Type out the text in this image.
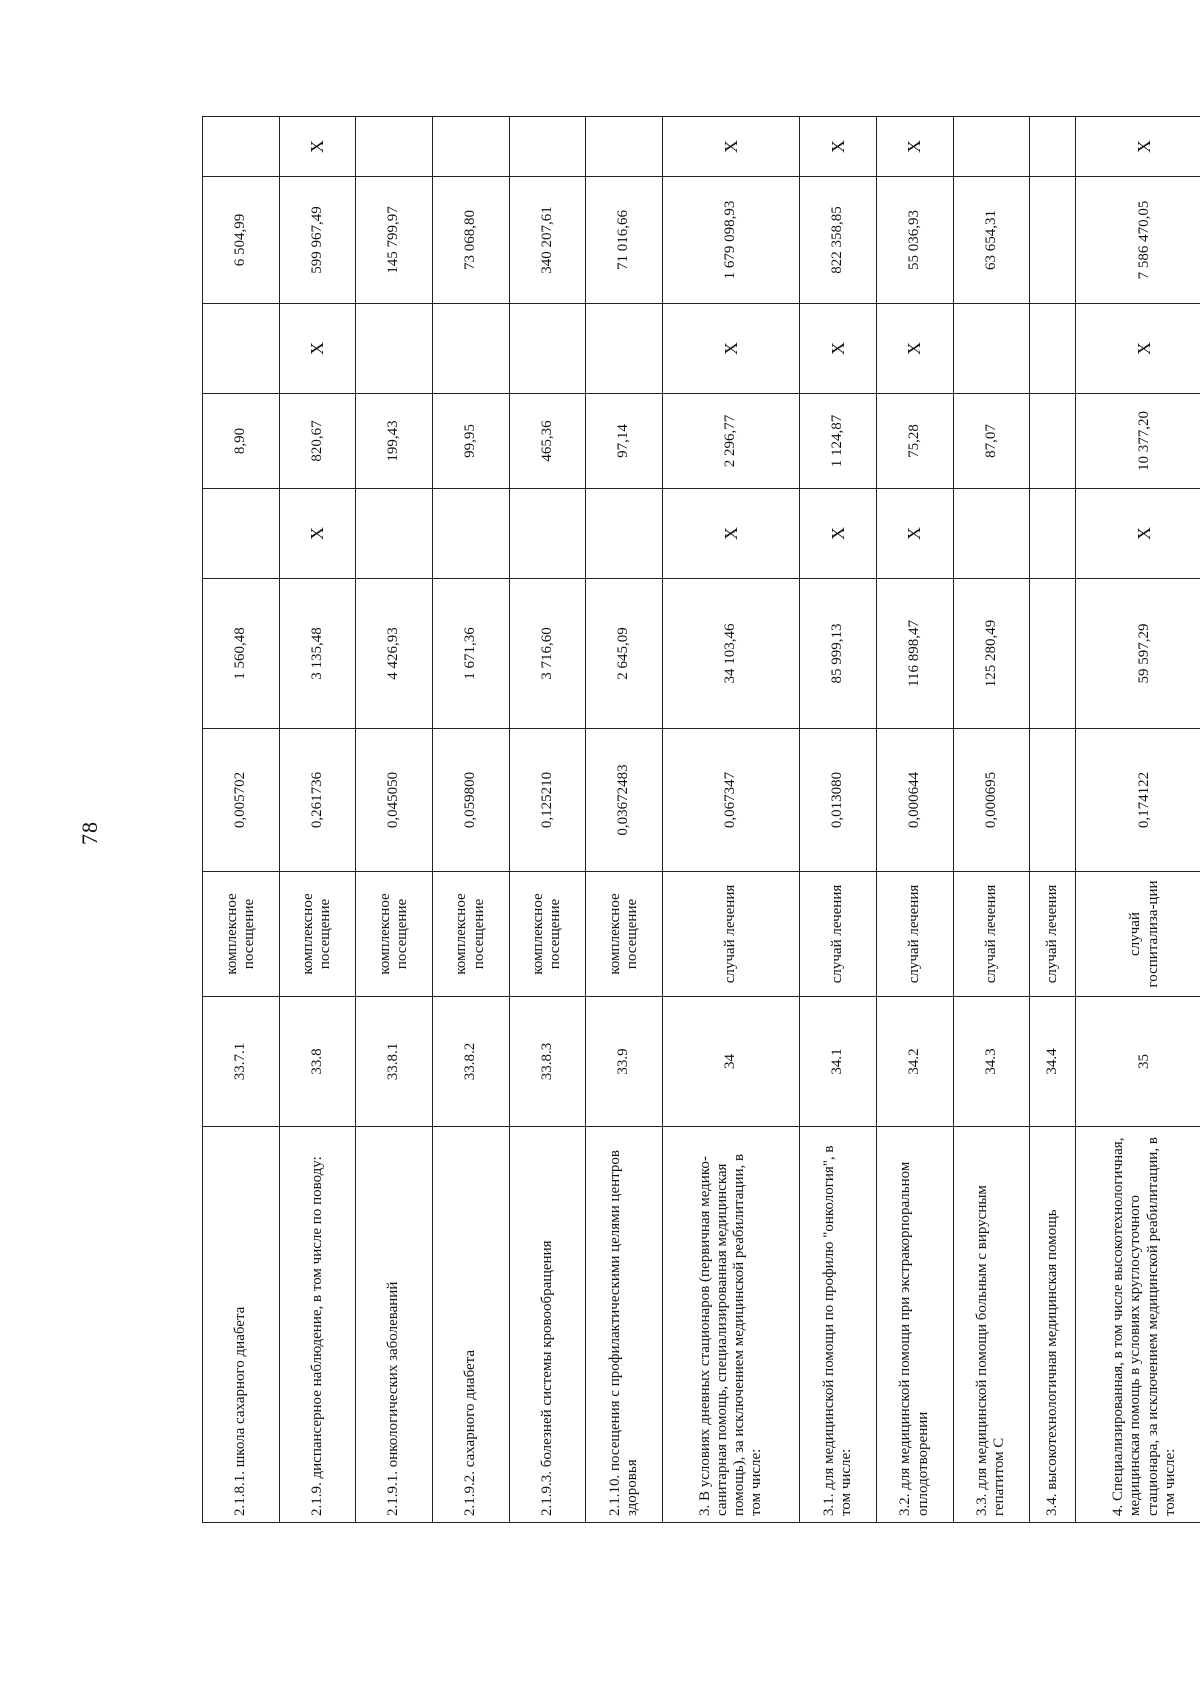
78
2.1.8.1. школа сахарного диабета	33.7.1	комплексное посещение	0,005702	1 560,48		8,90		6 504,99	
2.1.9. диспансерное наблюдение, в том числе по поводу:	33.8	комплексное посещение	0,261736	3 135,48	Х	820,67	Х	599 967,49	Х
2.1.9.1. онкологических заболеваний	33.8.1	комплексное посещение	0,045050	4 426,93		199,43		145 799,97	
2.1.9.2. сахарного диабета	33.8.2	комплексное посещение	0,059800	1 671,36		99,95		73 068,80	
2.1.9.3. болезней системы кровообращения	33.8.3	комплексное посещение	0,125210	3 716,60		465,36		340 207,61	
2.1.10. посещения с профилактическими целями центров здоровья	33.9	комплексное посещение	0,03672483	2 645,09		97,14		71 016,66	
3. В условиях дневных стационаров (первичная медико-санитарная помощь, специализированная медицинская помощь), за исключением медицинской реабилитации, в том числе:	34	случай лечения	0,067347	34 103,46	Х	2 296,77	Х	1 679 098,93	Х
3.1. для медицинской помощи по профилю "онкология", в том числе:	34.1	случай лечения	0,013080	85 999,13	Х	1 124,87	Х	822 358,85	Х
3.2. для медицинской помощи при экстракорпоральном оплодотворении	34.2	случай лечения	0,000644	116 898,47	Х	75,28	Х	55 036,93	Х
3.3. для медицинской помощи больным с вирусным гепатитом С	34.3	случай лечения	0,000695	125 280,49		87,07		63 654,31	
3.4. высокотехнологичная медицинская помощь	34.4	случай лечения							
4. Специализированная, в том числе высокотехнологичная, медицинская помощь в условиях круглосуточного стационара, за исключением медицинской реабилитации, в том числе:	35	случай госпитализа-ции	0,174122	59 597,29	Х	10 377,20	Х	7 586 470,05	Х
